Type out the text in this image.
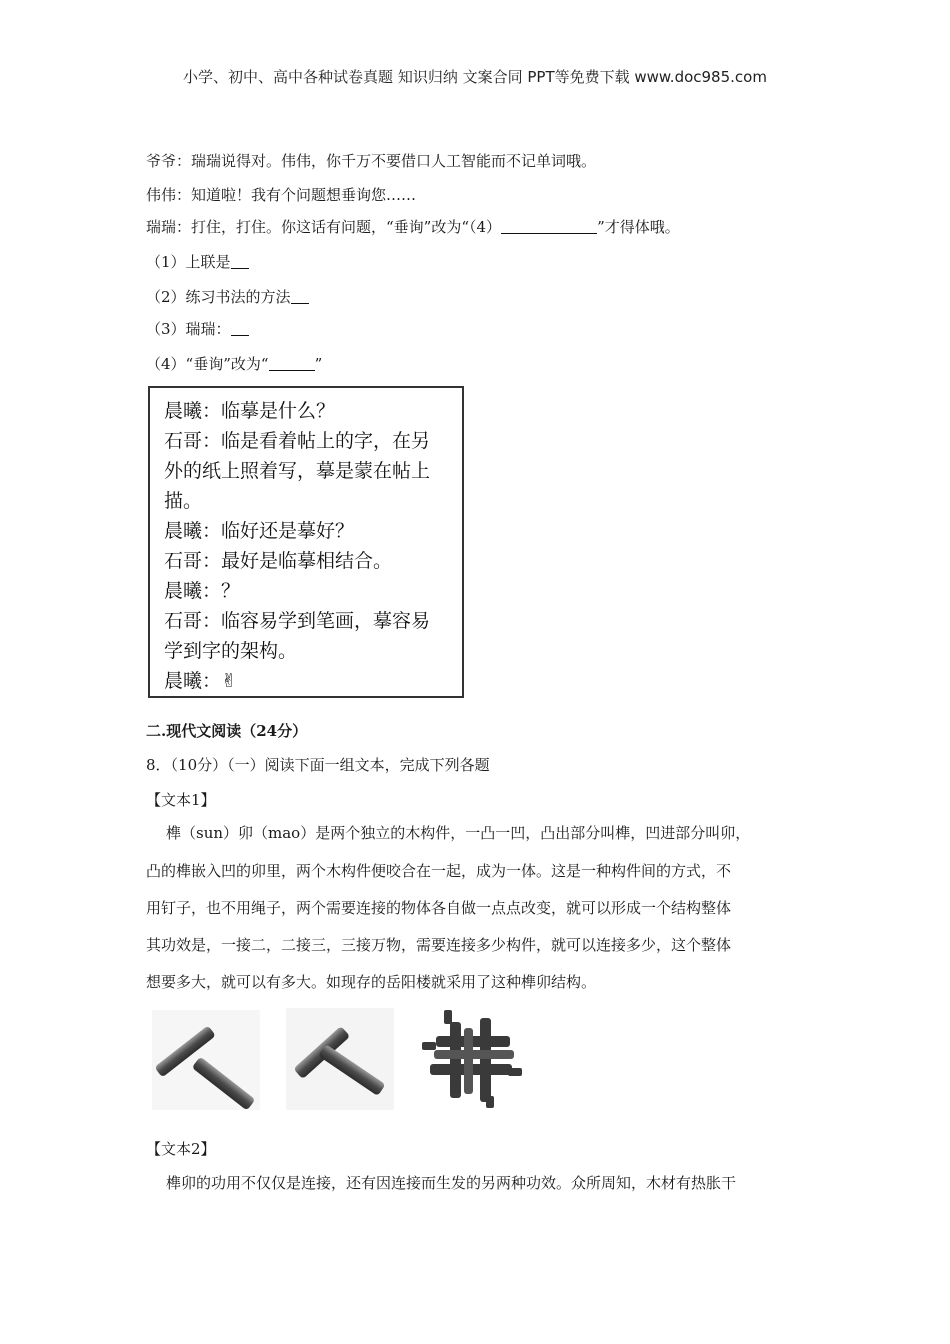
小学、初中、高中各种试卷真题 知识归纳 文案合同 PPT等免费下载 www.doc985.com
爷爷：瑞瑞说得对。伟伟，你千万不要借口人工智能而不记单词哦。
伟伟：知道啦！我有个问题想垂询您……
瑞瑞：打住，打住。你这话有问题，“垂询”改为“（4）	”才得体哦。
（1）上联是
（2）练习书法的方法
（3）瑞瑞：
（4）“垂询”改为“	”
晨曦：临摹是什么？
石哥：临是看着帖上的字，在另
外的纸上照着写，摹是蒙在帖上
描。
晨曦：临好还是摹好？
石哥：最好是临摹相结合。
晨曦：？
石哥：临容易学到笔画，摹容易
学到字的架构。
晨曦：✌
二.现代文阅读（24分）
8．（10分）（一）阅读下面一组文本，完成下列各题
【文本1】
榫（sun）卯（mao）是两个独立的木构件，一凸一凹，凸出部分叫榫，凹进部分叫卯，
凸的榫嵌入凹的卯里，两个木构件便咬合在一起，成为一体。这是一种构件间的方式，不
用钉子，也不用绳子，两个需要连接的物体各自做一点点改变，就可以形成一个结构整体
其功效是，一接二，二接三，三接万物，需要连接多少构件，就可以连接多少，这个整体
想要多大，就可以有多大。如现存的岳阳楼就采用了这种榫卯结构。
【文本2】
榫卯的功用不仅仅是连接，还有因连接而生发的另两种功效。众所周知，木材有热胀干
